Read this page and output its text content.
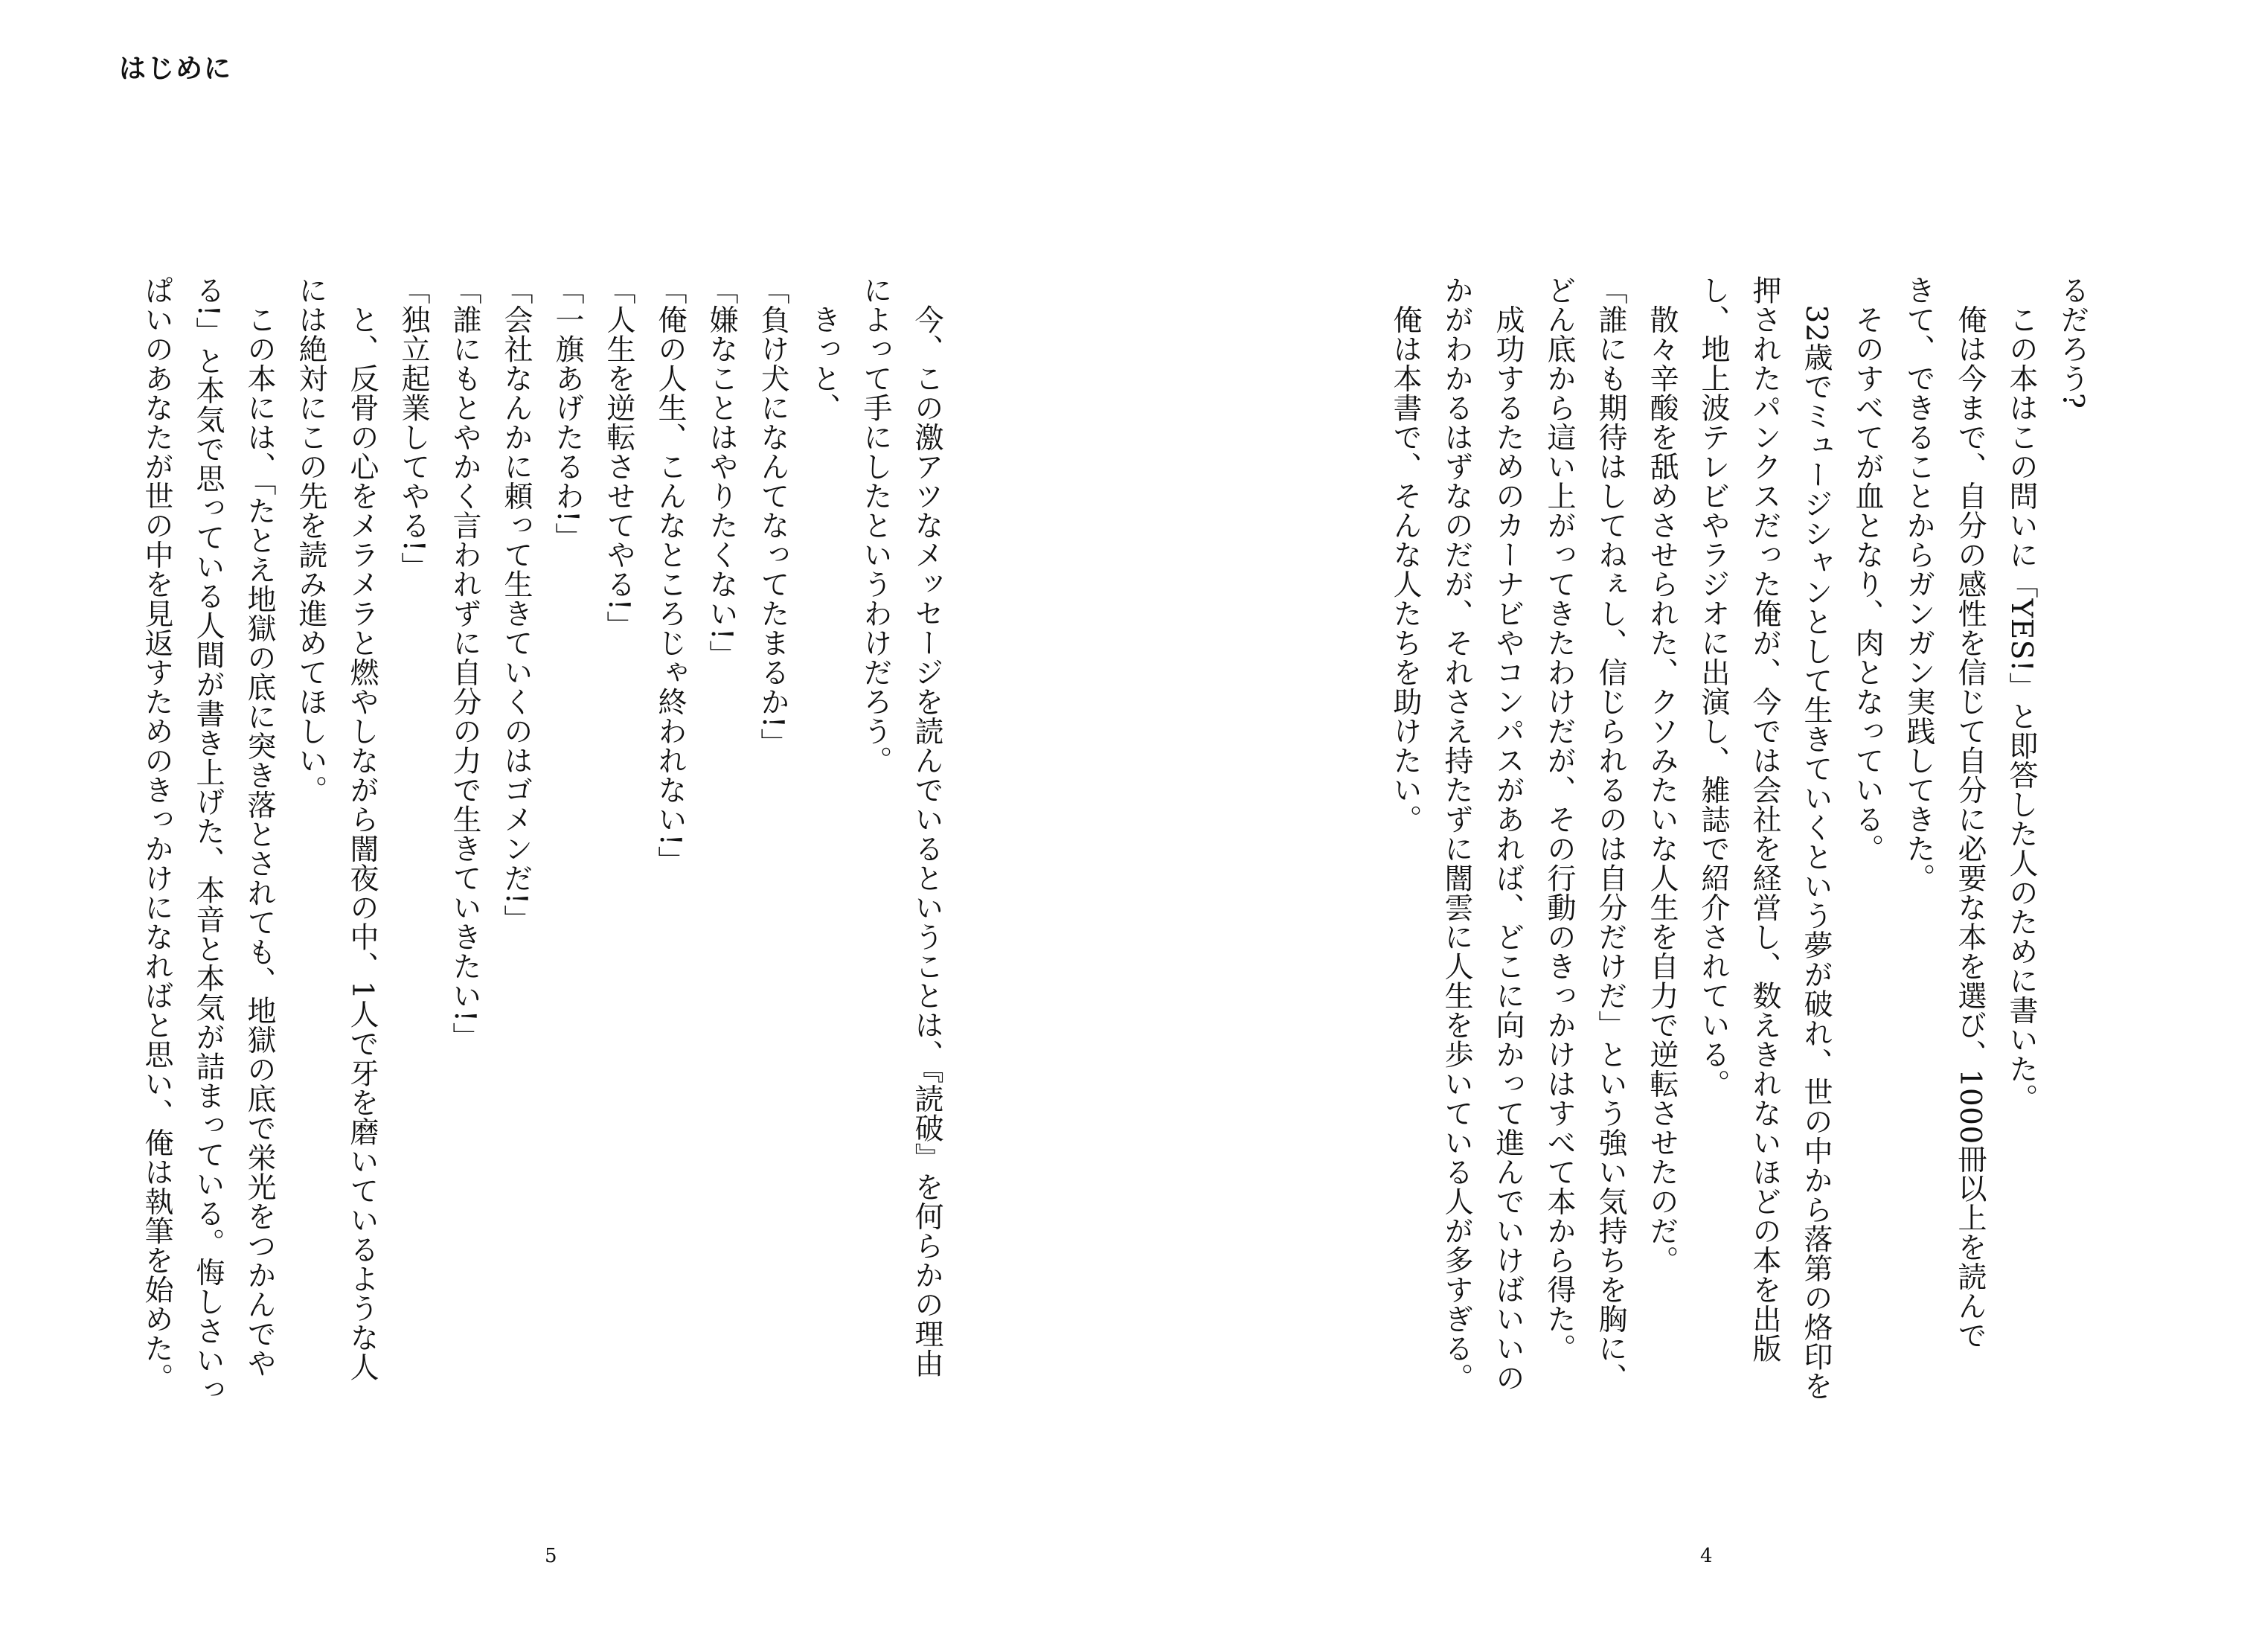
はじめに

るだろう?

　この本はこの問いに「YES!」と即答した人のために書いた。

　俺は今まで、自分の感性を信じて自分に必要な本を選び、1000冊以上を読んで

きて、できることからガンガン実践してきた。

　そのすべてが血となり、肉となっている。

　32歳でミュージシャンとして生きていくという夢が破れ、世の中から落第の烙印を

押されたパンクスだった俺が、今では会社を経営し、数えきれないほどの本を出版

し、地上波テレビやラジオに出演し、雑誌で紹介されている。

　散々辛酸を舐めさせられた、クソみたいな人生を自力で逆転させたのだ。

「誰にも期待はしてねぇし、信じられるのは自分だけだ」という強い気持ちを胸に、

どん底から這い上がってきたわけだが、その行動のきっかけはすべて本から得た。

　成功するためのカーナビやコンパスがあれば、どこに向かって進んでいけばいいの

かがわかるはずなのだが、それさえ持たずに闇雲に人生を歩いている人が多すぎる。

　俺は本書で、そんな人たちを助けたい。

　今、この激アツなメッセージを読んでいるということは、『読破』を何らかの理由

によって手にしたというわけだろう。

　きっと、

「負け犬になんてなってたまるか!」

「嫌なことはやりたくない!」

「俺の人生、こんなところじゃ終われない!」

「人生を逆転させてやる!」

「一旗あげたるわ!」

「会社なんかに頼って生きていくのはゴメンだ!」

「誰にもとやかく言われずに自分の力で生きていきたい!」

「独立起業してやる!」

　と、反骨の心をメラメラと燃やしながら闇夜の中、1人で牙を磨いているような人

には絶対にこの先を読み進めてほしい。

　この本には、「たとえ地獄の底に突き落とされても、地獄の底で栄光をつかんでや

る!」と本気で思っている人間が書き上げた、本音と本気が詰まっている。悔しさいっ

ぱいのあなたが世の中を見返すためのきっかけになればと思い、俺は執筆を始めた。

5	4
